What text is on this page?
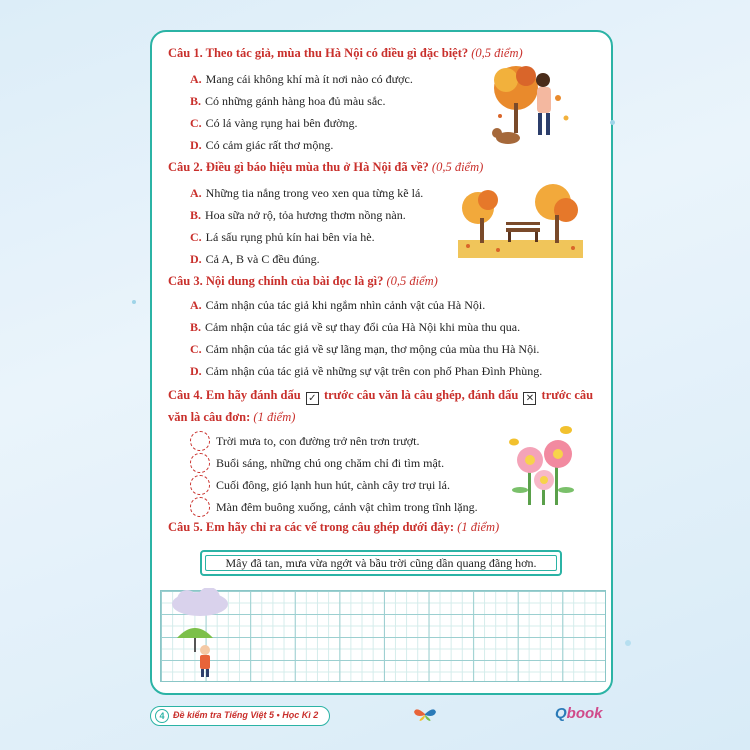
Câu 1. Theo tác giả, mùa thu Hà Nội có điều gì đặc biệt? (0,5 điểm)
A. Mang cái không khí mà ít nơi nào có được.
B. Có những gánh hàng hoa đủ màu sắc.
C. Có lá vàng rụng hai bên đường.
D. Có cảm giác rất thơ mộng.
Câu 2. Điều gì báo hiệu mùa thu ở Hà Nội đã về? (0,5 điểm)
A. Những tia nắng trong veo xen qua từng kẽ lá.
B. Hoa sữa nở rộ, tỏa hương thơm nồng nàn.
C. Lá sấu rụng phủ kín hai bên vỉa hè.
D. Cả A, B và C đều đúng.
Câu 3. Nội dung chính của bài đọc là gì? (0,5 điểm)
A. Cảm nhận của tác giả khi ngắm nhìn cảnh vật của Hà Nội.
B. Cảm nhận của tác giả về sự thay đổi của Hà Nội khi mùa thu qua.
C. Cảm nhận của tác giả về sự lãng mạn, thơ mộng của mùa thu Hà Nội.
D. Cảm nhận của tác giả về những sự vật trên con phố Phan Đình Phùng.
Câu 4. Em hãy đánh dấu ✓ trước câu văn là câu ghép, đánh dấu ✕ trước câu
văn là câu đơn: (1 điểm)
Trời mưa to, con đường trở nên trơn trượt.
Buổi sáng, những chú ong chăm chỉ đi tìm mật.
Cuối đông, gió lạnh hun hút, cành cây trơ trụi lá.
Màn đêm buông xuống, cảnh vật chìm trong tĩnh lặng.
Câu 5. Em hãy chỉ ra các vế trong câu ghép dưới đây: (1 điểm)
Mây đã tan, mưa vừa ngớt và bầu trời cũng dần quang đãng hơn.
4 Đề kiểm tra Tiếng Việt 5 • Học Kì 2	Qbook
